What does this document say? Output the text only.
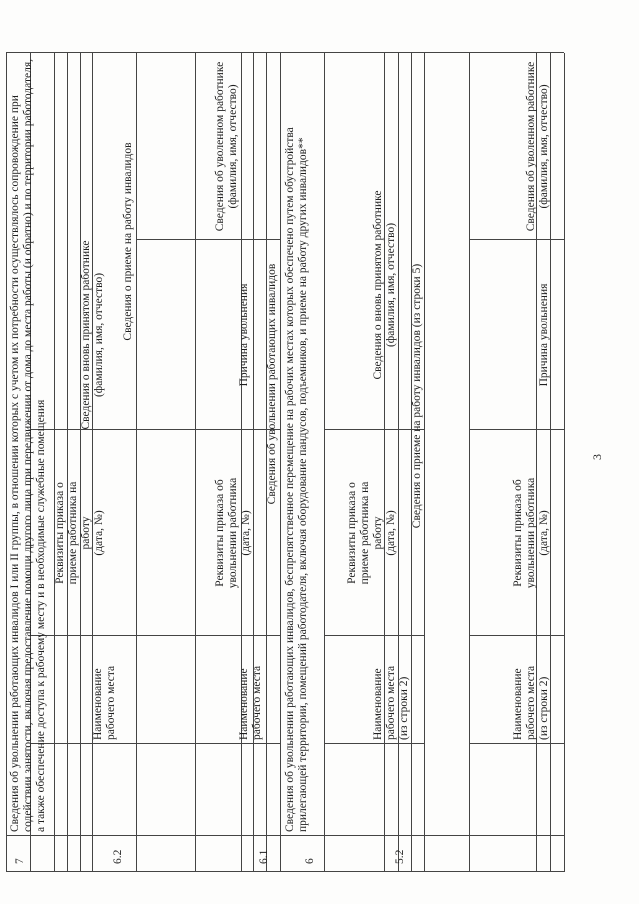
3
7
Сведения об увольнении работающих инвалидов I или II группы, в отношении которых с учетом их потребности осуществлялось сопровождение при содействии занятости, включая предоставление помощи другого лица при передвижении от дома до места работы (и обратно) и по территории работодателя, а также обеспечение доступа к рабочему месту и в необходимые служебные помещения
6.2
Сведения о приеме на работу инвалидов
Наименование
рабочего места
Реквизиты приказа о
приеме работника на
работу
(дата, №)
Сведения о вновь принятом работнике
(фамилия, имя, отчество)
6.1
Сведения об увольнении работающих инвалидов
Наименование
рабочего места
Реквизиты приказа об
увольнении работника
(дата, №)
Причина увольнения
Сведения об уволенном работнике
(фамилия, имя, отчество)
6
Сведения об увольнении работающих инвалидов, беспрепятственное перемещение на рабочих местах которых обеспечено путем обустройства прилегающей территории, помещений работодателя, включая оборудование пандусов, подъемников, и приеме на работу других инвалидов**
5.2
Сведения о приеме на работу инвалидов (из строки 5)
Наименование
рабочего места
(из строки 2)
Реквизиты приказа о
приеме работника на
работу
(дата, №)
Сведения о вновь принятом работнике
(фамилия, имя, отчество)
Наименование
рабочего места
(из строки 2)
Реквизиты приказа об
увольнении работника
(дата, №)
Причина увольнения
Сведения об уволенном работнике
(фамилия, имя, отчество)
